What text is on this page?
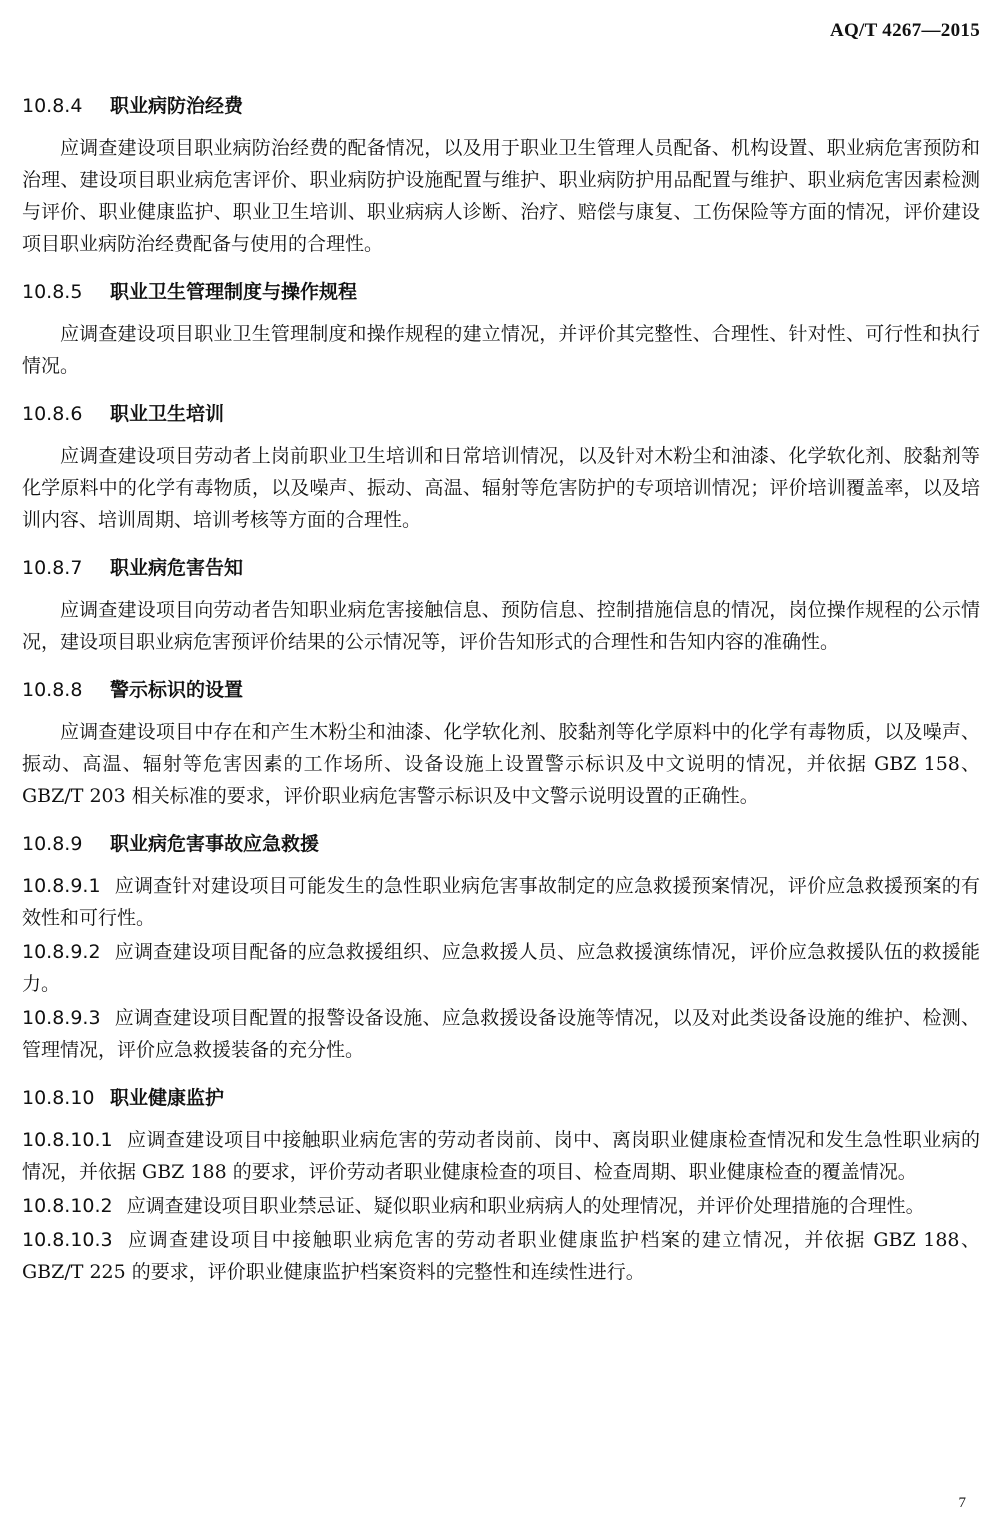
AQ/T 4267—2015
10.8.4 职业病防治经费

应调查建设项目职业病防治经费的配备情况，以及用于职业卫生管理人员配备、机构设置、职业病危害预防和治理、建设项目职业病危害评价、职业病防护设施配置与维护、职业病防护用品配置与维护、职业病危害因素检测与评价、职业健康监护、职业卫生培训、职业病病人诊断、治疗、赔偿与康复、工伤保险等方面的情况，评价建设项目职业病防治经费配备与使用的合理性。

10.8.5 职业卫生管理制度与操作规程

应调查建设项目职业卫生管理制度和操作规程的建立情况，并评价其完整性、合理性、针对性、可行性和执行情况。

10.8.6 职业卫生培训

应调查建设项目劳动者上岗前职业卫生培训和日常培训情况，以及针对木粉尘和油漆、化学软化剂、胶黏剂等化学原料中的化学有毒物质，以及噪声、振动、高温、辐射等危害防护的专项培训情况；评价培训覆盖率，以及培训内容、培训周期、培训考核等方面的合理性。

10.8.7 职业病危害告知

应调查建设项目向劳动者告知职业病危害接触信息、预防信息、控制措施信息的情况，岗位操作规程的公示情况，建设项目职业病危害预评价结果的公示情况等，评价告知形式的合理性和告知内容的准确性。

10.8.8 警示标识的设置

应调查建设项目中存在和产生木粉尘和油漆、化学软化剂、胶黏剂等化学原料中的化学有毒物质，以及噪声、振动、高温、辐射等危害因素的工作场所、设备设施上设置警示标识及中文说明的情况，并依据 GBZ 158、GBZ/T 203 相关标准的要求，评价职业病危害警示标识及中文警示说明设置的正确性。

10.8.9 职业病危害事故应急救援

10.8.9.1 应调查针对建设项目可能发生的急性职业病危害事故制定的应急救援预案情况，评价应急救援预案的有效性和可行性。

10.8.9.2 应调查建设项目配备的应急救援组织、应急救援人员、应急救援演练情况，评价应急救援队伍的救援能力。

10.8.9.3 应调查建设项目配置的报警设备设施、应急救援设备设施等情况，以及对此类设备设施的维护、检测、管理情况，评价应急救援装备的充分性。

10.8.10 职业健康监护

10.8.10.1 应调查建设项目中接触职业病危害的劳动者岗前、岗中、离岗职业健康检查情况和发生急性职业病的情况，并依据 GBZ 188 的要求，评价劳动者职业健康检查的项目、检查周期、职业健康检查的覆盖情况。

10.8.10.2 应调查建设项目职业禁忌证、疑似职业病和职业病病人的处理情况，并评价处理措施的合理性。

10.8.10.3 应调查建设项目中接触职业病危害的劳动者职业健康监护档案的建立情况，并依据 GBZ 188、GBZ/T 225 的要求，评价职业健康监护档案资料的完整性和连续性进行。

7
